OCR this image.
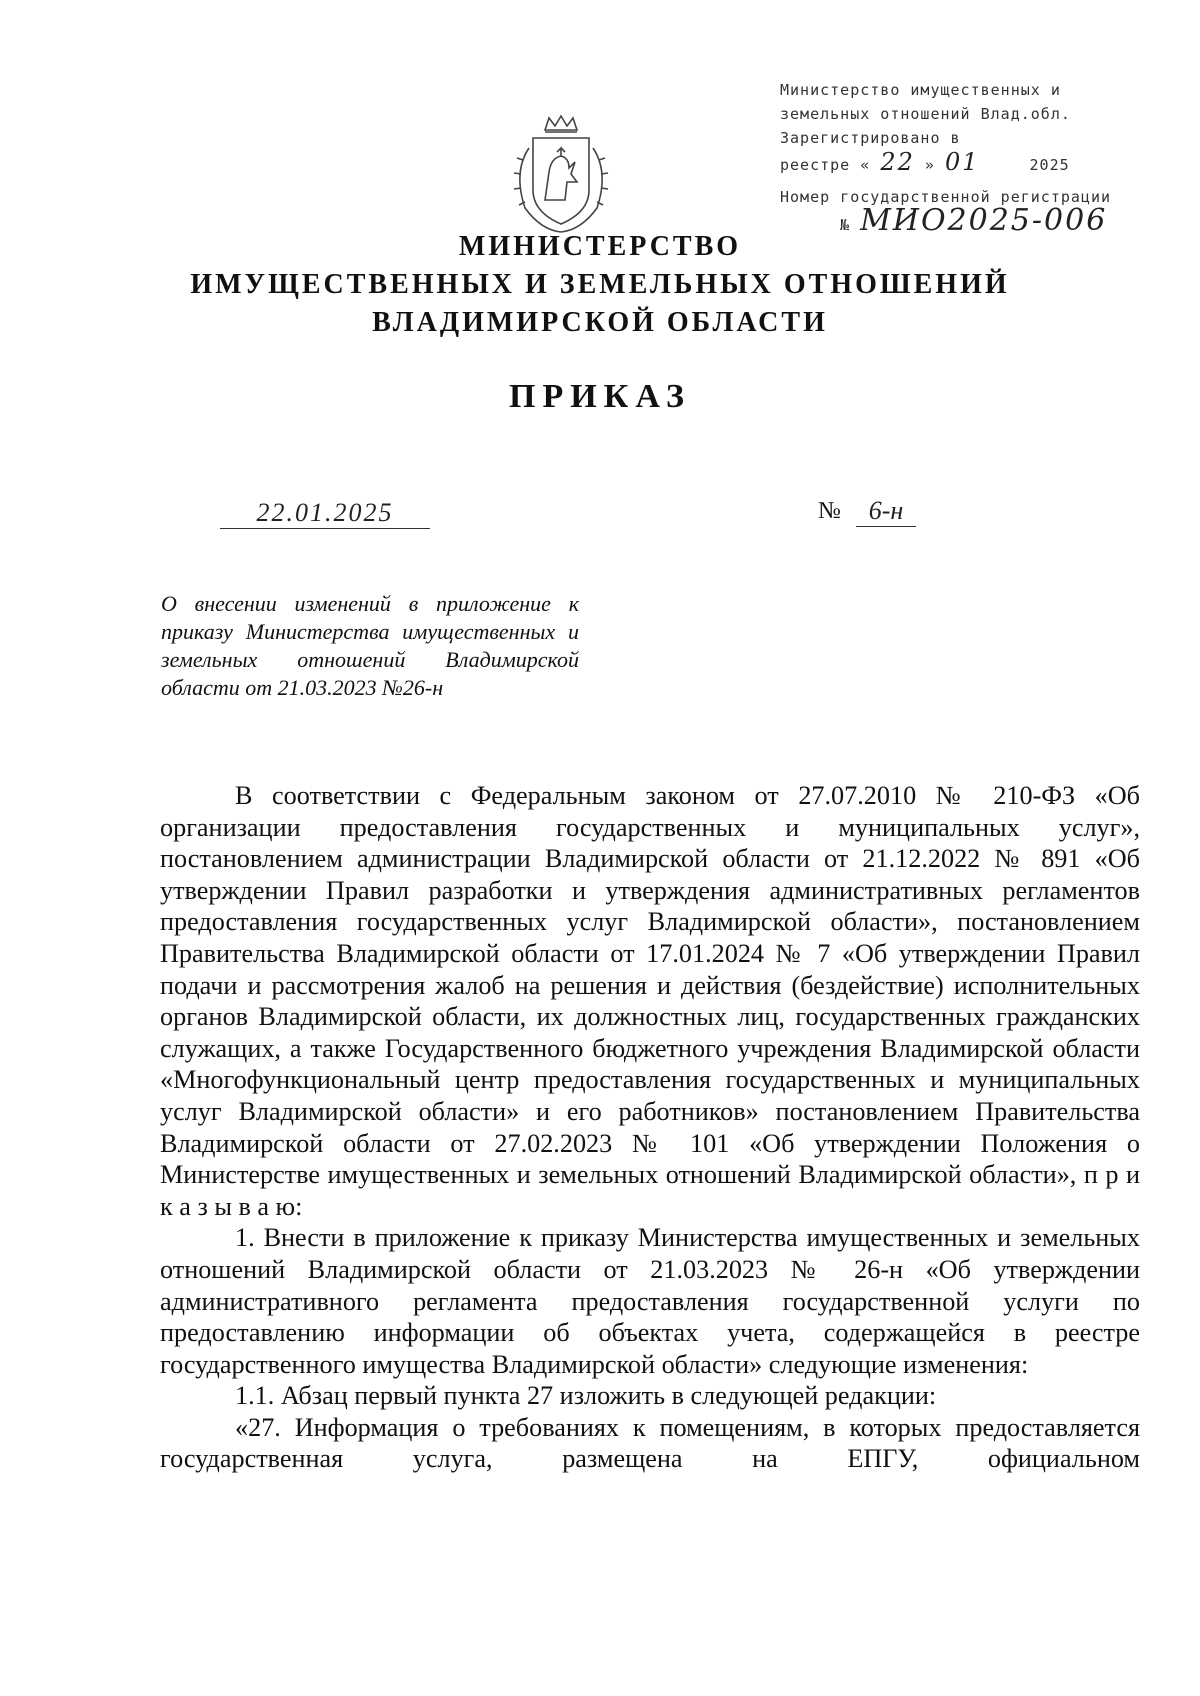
Министерство имущественных и
земельных отношений Влад.обл.
Зарегистрировано в
реестре « 22 » 01	2025
Номер государственной регистрации
№ МИО2025-006
МИНИСТЕРСТВО
ИМУЩЕСТВЕННЫХ И ЗЕМЕЛЬНЫХ ОТНОШЕНИЙ
ВЛАДИМИРСКОЙ ОБЛАСТИ
ПРИКАЗ
22.01.2025	№	6-н
О внесении изменений в приложение к приказу Министерства имущественных и земельных отношений Владимирской области от 21.03.2023 №26-н

В соответствии с Федеральным законом от 27.07.2010 № 210-ФЗ «Об организации предоставления государственных и муниципальных услуг», постановлением администрации Владимирской области от 21.12.2022 № 891 «Об утверждении Правил разработки и утверждения административных регламентов предоставления государственных услуг Владимирской области», постановлением Правительства Владимирской области от 17.01.2024 № 7 «Об утверждении Правил подачи и рассмотрения жалоб на решения и действия (бездействие) исполнительных органов Владимирской области, их должностных лиц, государственных гражданских служащих, а также Государственного бюджетного учреждения Владимирской области «Многофункциональный центр предоставления государственных и муниципальных услуг Владимирской области» и его работников» постановлением Правительства Владимирской области от 27.02.2023 № 101 «Об утверждении Положения о Министерстве имущественных и земельных отношений Владимирской области», п р и к а з ы в а ю:

1. Внести в приложение к приказу Министерства имущественных и земельных отношений Владимирской области от 21.03.2023 № 26-н «Об утверждении административного регламента предоставления государственной услуги по предоставлению информации об объектах учета, содержащейся в реестре государственного имущества Владимирской области» следующие изменения:

1.1. Абзац первый пункта 27 изложить в следующей редакции:

«27. Информация о требованиях к помещениям, в которых предоставляется государственная услуга, размещена на ЕПГУ, официальном
